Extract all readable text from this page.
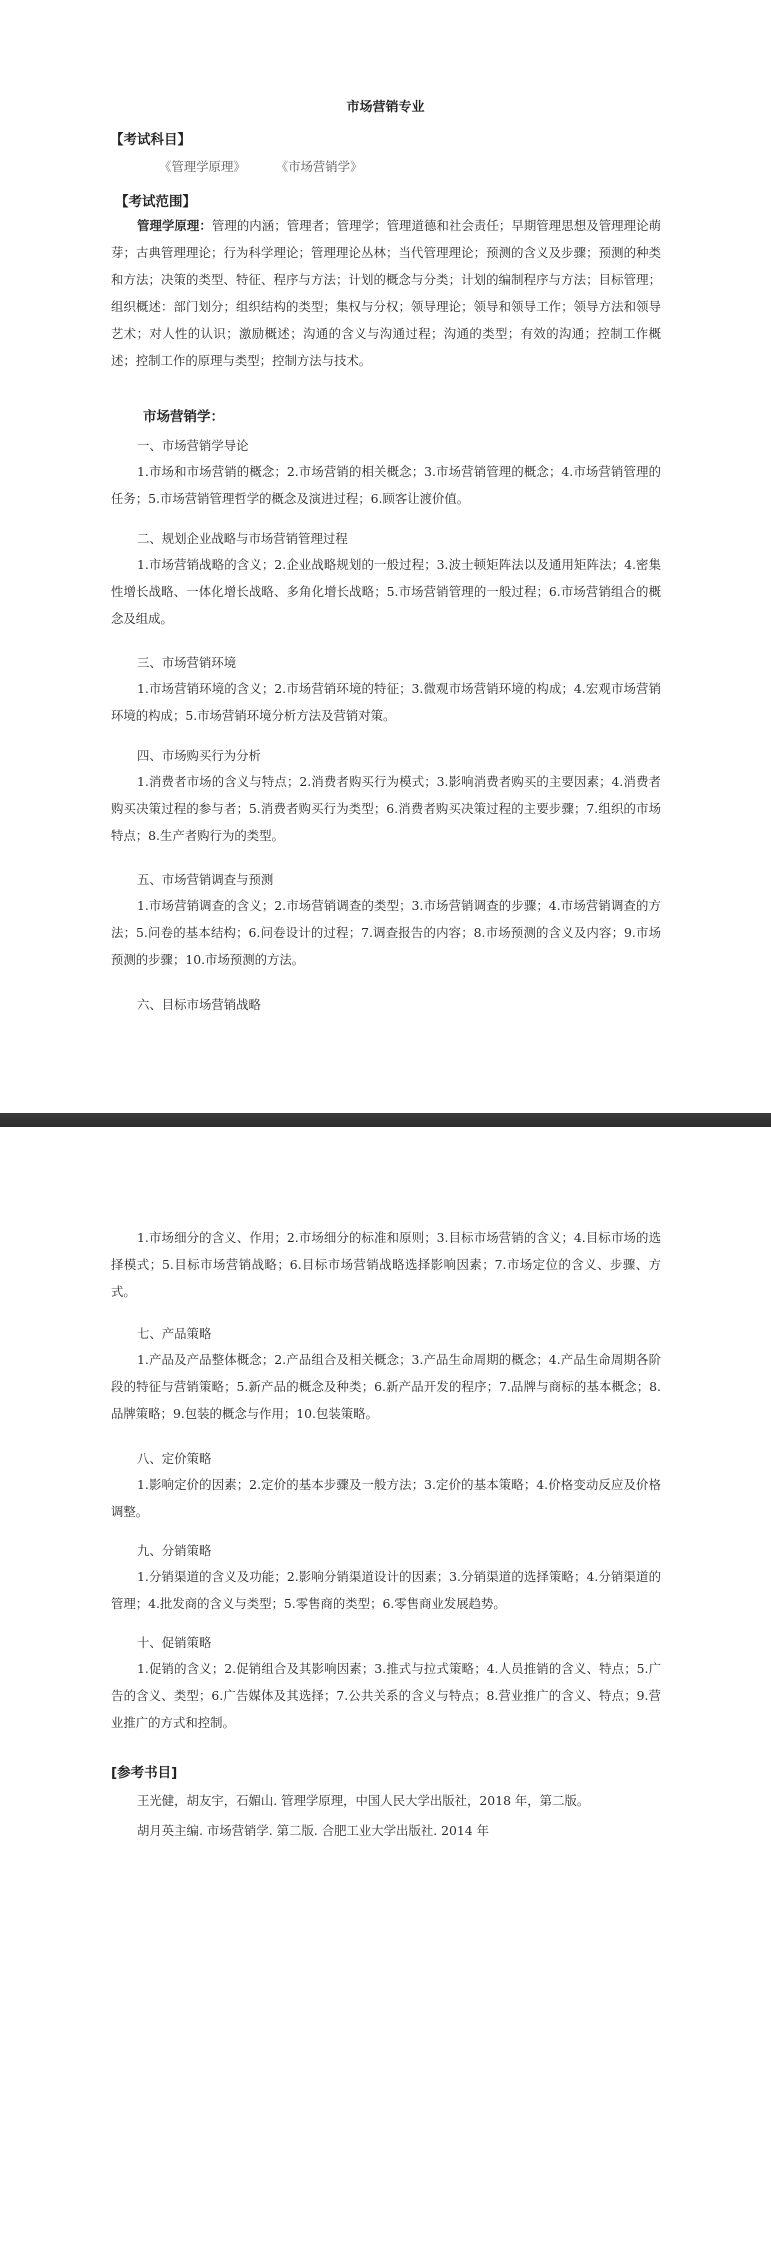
市场营销专业
【考试科目】
《管理学原理》 《市场营销学》
【考试范围】

管理学原理：管理的内涵；管理者；管理学；管理道德和社会责任；早期管理思想及管理理论萌芽；古典管理理论；行为科学理论；管理理论丛林；当代管理理论；预测的含义及步骤；预测的种类和方法；决策的类型、特征、程序与方法；计划的概念与分类；计划的编制程序与方法；目标管理；组织概述：部门划分；组织结构的类型；集权与分权；领导理论；领导和领导工作；领导方法和领导艺术；对人性的认识；激励概述；沟通的含义与沟通过程；沟通的类型；有效的沟通；控制工作概述；控制工作的原理与类型；控制方法与技术。

市场营销学：
一、市场营销学导论

1.市场和市场营销的概念；2.市场营销的相关概念；3.市场营销管理的概念；4.市场营销管理的任务；5.市场营销管理哲学的概念及演进过程；6.顾客让渡价值。

二、规划企业战略与市场营销管理过程

1.市场营销战略的含义；2.企业战略规划的一般过程；3.波士顿矩阵法以及通用矩阵法；4.密集性增长战略、一体化增长战略、多角化增长战略；5.市场营销管理的一般过程；6.市场营销组合的概念及组成。

三、市场营销环境

1.市场营销环境的含义；2.市场营销环境的特征；3.微观市场营销环境的构成；4.宏观市场营销环境的构成；5.市场营销环境分析方法及营销对策。

四、市场购买行为分析

1.消费者市场的含义与特点；2.消费者购买行为模式；3.影响消费者购买的主要因素；4.消费者购买决策过程的参与者；5.消费者购买行为类型；6.消费者购买决策过程的主要步骤；7.组织的市场特点；8.生产者购行为的类型。

五、市场营销调查与预测

1.市场营销调查的含义；2.市场营销调查的类型；3.市场营销调查的步骤；4.市场营销调查的方法；5.问卷的基本结构；6.问卷设计的过程；7.调查报告的内容；8.市场预测的含义及内容；9.市场预测的步骤；10.市场预测的方法。

六、目标市场营销战略

1.市场细分的含义、作用；2.市场细分的标准和原则；3.目标市场营销的含义；4.目标市场的选择模式；5.目标市场营销战略；6.目标市场营销战略选择影响因素；7.市场定位的含义、步骤、方式。

七、产品策略

1.产品及产品整体概念；2.产品组合及相关概念；3.产品生命周期的概念；4.产品生命周期各阶段的特征与营销策略；5.新产品的概念及种类；6.新产品开发的程序；7.品牌与商标的基本概念；8.品牌策略；9.包装的概念与作用；10.包装策略。

八、定价策略

1.影响定价的因素；2.定价的基本步骤及一般方法；3.定价的基本策略；4.价格变动反应及价格调整。

九、分销策略

1.分销渠道的含义及功能；2.影响分销渠道设计的因素；3.分销渠道的选择策略；4.分销渠道的管理；4.批发商的含义与类型；5.零售商的类型；6.零售商业发展趋势。

十、促销策略

1.促销的含义；2.促销组合及其影响因素；3.推式与拉式策略；4.人员推销的含义、特点；5.广告的含义、类型；6.广告媒体及其选择；7.公共关系的含义与特点；8.营业推广的含义、特点；9.营业推广的方式和控制。

[参考书目]
王光健，胡友宇，石媚山. 管理学原理，中国人民大学出版社，2018 年，第二版。
胡月英主编. 市场营销学. 第二版. 合肥工业大学出版社. 2014 年
